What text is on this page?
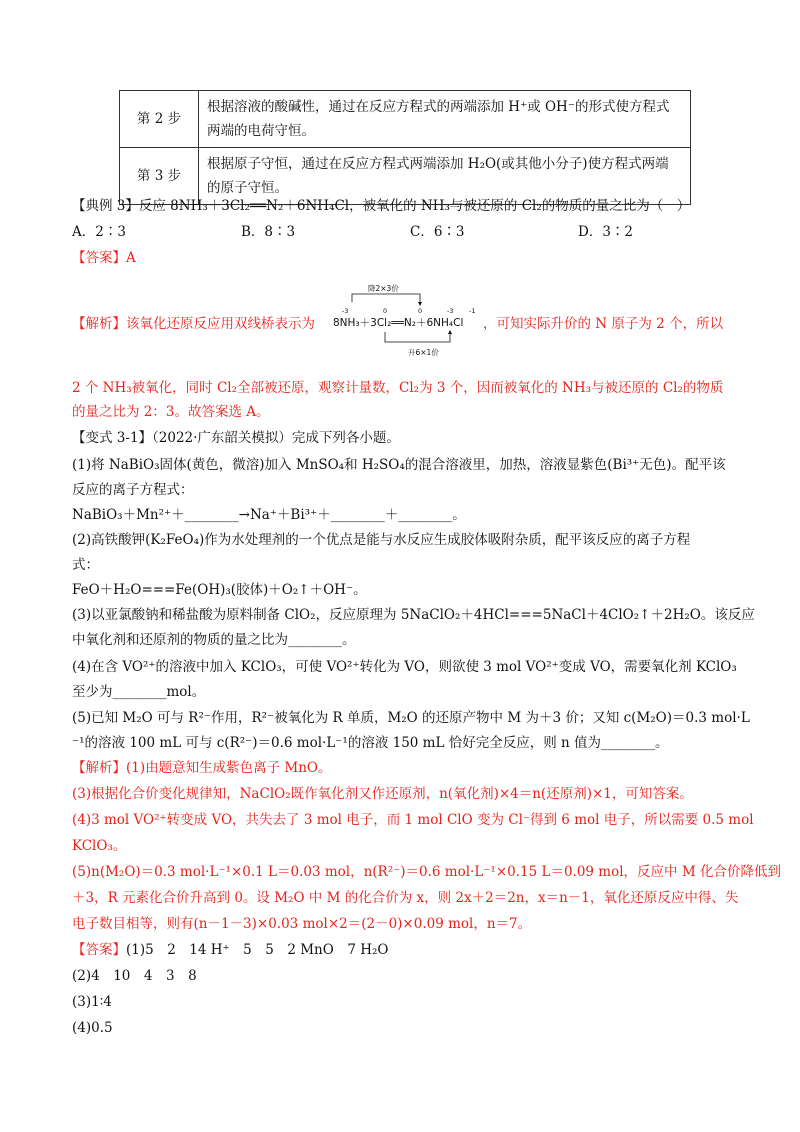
第 2 步	根据溶液的酸碱性，通过在反应方程式的两端添加 H⁺或 OH⁻的形式使方程式
两端的电荷守恒。

第 3 步	根据原子守恒，通过在反应方程式两端添加 H₂O(或其他小分子)使方程式两端
的原子守恒。
【典例 3】反应 8NH₃＋3Cl₂══N₂＋6NH₄Cl，被氧化的 NH₃与被还原的 Cl₂的物质的量之比为（　）
A．2∶3	B．8∶3	C．6∶3	D．3∶2
【答案】A
【解析】该氧化还原反应用双线桥表示为	，可知实际升价的 N 原子为 2 个，所以
降2×3价
-3	0	0	-3 -1
8NH₃＋3Cl₂══N₂＋6NH₄Cl
升6×1价
2 个 NH₃被氧化，同时 Cl₂全部被还原，观察计量数，Cl₂为 3 个，因而被氧化的 NH₃与被还原的 Cl₂的物质
的量之比为 2：3。故答案选 A。
【变式 3-1】（2022·广东韶关模拟）完成下列各小题。
(1)将 NaBiO₃固体(黄色，微溶)加入 MnSO₄和 H₂SO₄的混合溶液里，加热，溶液显紫色(Bi³⁺无色)。配平该
反应的离子方程式：
NaBiO₃＋Mn²⁺＋________→Na⁺＋Bi³⁺＋________＋________。
(2)高铁酸钾(K₂FeO₄)作为水处理剂的一个优点是能与水反应生成胶体吸附杂质，配平该反应的离子方程
式：
FeO＋H₂O===Fe(OH)₃(胶体)＋O₂↑＋OH⁻。
(3)以亚氯酸钠和稀盐酸为原料制备 ClO₂，反应原理为 5NaClO₂＋4HCl===5NaCl＋4ClO₂↑＋2H₂O。该反应
中氧化剂和还原剂的物质的量之比为________。
(4)在含 VO²⁺的溶液中加入 KClO₃，可使 VO²⁺转化为 VO，则欲使 3 mol VO²⁺变成 VO，需要氧化剂 KClO₃
至少为________mol。
(5)已知 M₂O 可与 R²⁻作用，R²⁻被氧化为 R 单质，M₂O 的还原产物中 M 为＋3 价；又知 c(M₂O)＝0.3 mol·L
⁻¹的溶液 100 mL 可与 c(R²⁻)＝0.6 mol·L⁻¹的溶液 150 mL 恰好完全反应，则 n 值为________。
【解析】(1)由题意知生成紫色离子 MnO。
(3)根据化合价变化规律知，NaClO₂既作氧化剂又作还原剂，n(氧化剂)×4＝n(还原剂)×1，可知答案。
(4)3 mol VO²⁺转变成 VO，共失去了 3 mol 电子，而 1 mol ClO 变为 Cl⁻得到 6 mol 电子，所以需要 0.5 mol
KClO₃。
(5)n(M₂O)＝0.3 mol·L⁻¹×0.1 L＝0.03 mol，n(R²⁻)＝0.6 mol·L⁻¹×0.15 L＝0.09 mol，反应中 M 化合价降低到
＋3，R 元素化合价升高到 0。设 M₂O 中 M 的化合价为 x，则 2x＋2＝2n，x＝n－1，氧化还原反应中得、失
电子数目相等，则有(n－1－3)×0.03 mol×2＝(2－0)×0.09 mol，n＝7。
【答案】(1)5　2　14 H⁺　5　5　2 MnO　7 H₂O
(2)4　10　4　3　8
(3)1∶4
(4)0.5
